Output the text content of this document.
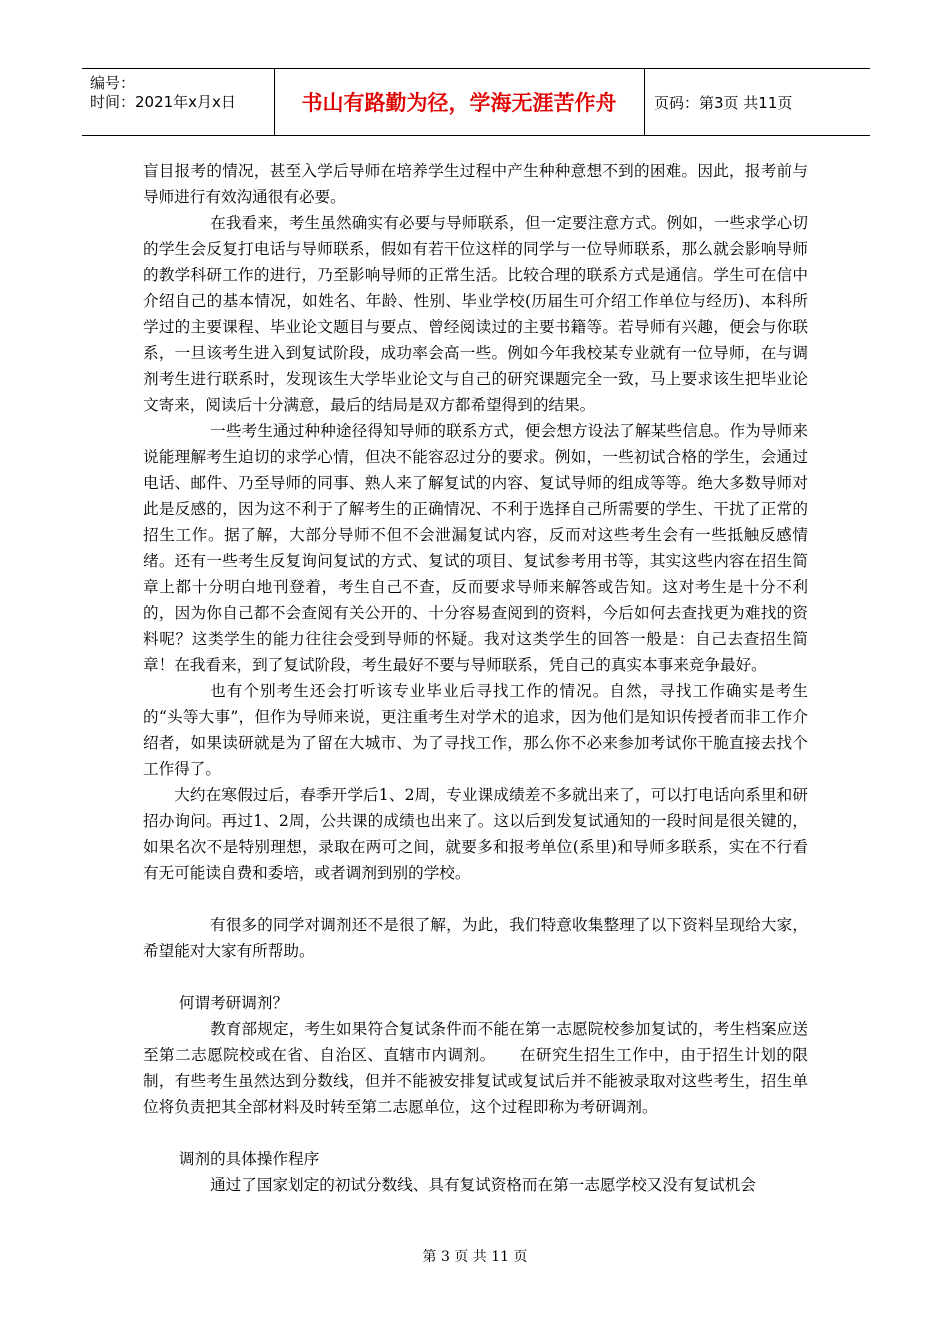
编号：
时间：2021年x月x日	书山有路勤为径，学海无涯苦作舟	页码：第3页 共11页

盲目报考的情况，甚至入学后导师在培养学生过程中产生种种意想不到的困难。因此，报考前与导师进行有效沟通很有必要。

在我看来，考生虽然确实有必要与导师联系，但一定要注意方式。例如，一些求学心切的学生会反复打电话与导师联系，假如有若干位这样的同学与一位导师联系，那么就会影响导师的教学科研工作的进行，乃至影响导师的正常生活。比较合理的联系方式是通信。学生可在信中介绍自己的基本情况，如姓名、年龄、性别、毕业学校(历届生可介绍工作单位与经历)、本科所学过的主要课程、毕业论文题目与要点、曾经阅读过的主要书籍等。若导师有兴趣，便会与你联系，一旦该考生进入到复试阶段，成功率会高一些。例如今年我校某专业就有一位导师，在与调剂考生进行联系时，发现该生大学毕业论文与自己的研究课题完全一致，马上要求该生把毕业论文寄来，阅读后十分满意，最后的结局是双方都希望得到的结果。

一些考生通过种种途径得知导师的联系方式，便会想方设法了解某些信息。作为导师来说能理解考生迫切的求学心情，但决不能容忍过分的要求。例如，一些初试合格的学生，会通过电话、邮件、乃至导师的同事、熟人来了解复试的内容、复试导师的组成等等。绝大多数导师对此是反感的，因为这不利于了解考生的正确情况、不利于选择自己所需要的学生、干扰了正常的招生工作。据了解，大部分导师不但不会泄漏复试内容，反而对这些考生会有一些抵触反感情绪。还有一些考生反复询问复试的方式、复试的项目、复试参考用书等，其实这些内容在招生简章上都十分明白地刊登着，考生自己不查，反而要求导师来解答或告知。这对考生是十分不利的，因为你自己都不会查阅有关公开的、十分容易查阅到的资料，今后如何去查找更为难找的资料呢？这类学生的能力往往会受到导师的怀疑。我对这类学生的回答一般是：自己去查招生简章！在我看来，到了复试阶段，考生最好不要与导师联系，凭自己的真实本事来竞争最好。

也有个别考生还会打听该专业毕业后寻找工作的情况。自然，寻找工作确实是考生的“头等大事”，但作为导师来说，更注重考生对学术的追求，因为他们是知识传授者而非工作介绍者，如果读研就是为了留在大城市、为了寻找工作，那么你不必来参加考试你干脆直接去找个工作得了。

大约在寒假过后，春季开学后1、2周，专业课成绩差不多就出来了，可以打电话向系里和研招办询问。再过1、2周，公共课的成绩也出来了。这以后到发复试通知的一段时间是很关键的，如果名次不是特别理想，录取在两可之间，就要多和报考单位(系里)和导师多联系，实在不行看有无可能读自费和委培，或者调剂到别的学校。

有很多的同学对调剂还不是很了解，为此，我们特意收集整理了以下资料呈现给大家，希望能对大家有所帮助。

何谓考研调剂？

教育部规定，考生如果符合复试条件而不能在第一志愿院校参加复试的，考生档案应送至第二志愿院校或在省、自治区、直辖市内调剂。　　在研究生招生工作中，由于招生计划的限制，有些考生虽然达到分数线，但并不能被安排复试或复试后并不能被录取对这些考生，招生单位将负责把其全部材料及时转至第二志愿单位，这个过程即称为考研调剂。

调剂的具体操作程序

通过了国家划定的初试分数线、具有复试资格而在第一志愿学校又没有复试机会

第 3 页 共 11 页
